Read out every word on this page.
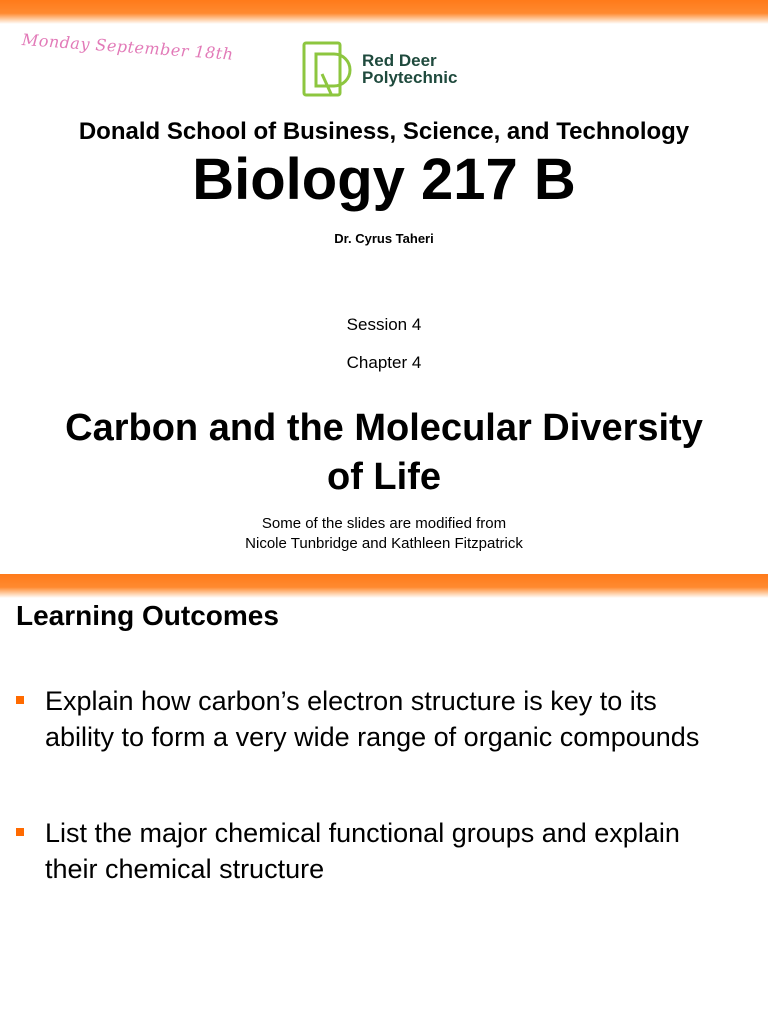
Monday September 18th	Red Deer
Polytechnic
Donald School of Business, Science, and Technology
Biology 217 B
Dr. Cyrus Taheri
Session 4
Chapter 4
Carbon and the Molecular Diversity
of Life
Some of the slides are modified from
Nicole Tunbridge and Kathleen Fitzpatrick
Learning Outcomes
Explain how carbon’s electron structure is key to its ability to form a very wide range of organic compounds
List the major chemical functional groups and explain their chemical structure
